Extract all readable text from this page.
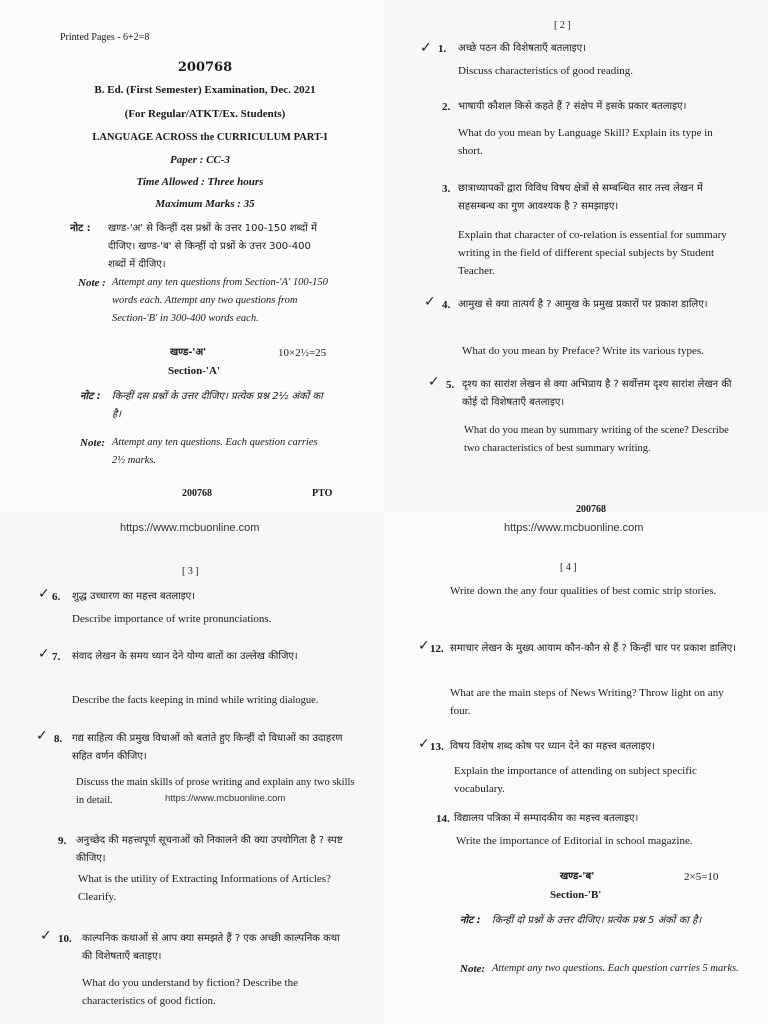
Printed Pages - 6+2=8
200768
B. Ed. (First Semester) Examination, Dec. 2021
(For Regular/ATKT/Ex. Students)
LANGUAGE ACROSS the CURRICULUM PART-I
Paper : CC-3
Time Allowed : Three hours
Maximum Marks : 35
नोट : खण्ड-'अ' से किन्हीं दस प्रश्नों के उत्तर 100-150 शब्दों में दीजिए। खण्ड-'ब' से किन्हीं दो प्रश्नों के उत्तर 300-400 शब्दों में दीजिए।
Note : Attempt any ten questions from Section-'A' 100-150 words each. Attempt any two questions from Section-'B' in 300-400 words each.
खण्ड-'अ'	10×2½=25
Section-'A'
नोट : किन्हीं दस प्रश्नों के उत्तर दीजिए। प्रत्येक प्रश्न 2½ अंकों का है।
Note: Attempt any ten questions. Each question carries 2½ marks.
200768	PTO
https://www.mcbuonline.com
[ 2 ]
✓ 1. अच्छे पठन की विशेषताएँ बतलाइए।
Discuss characteristics of good reading.
2. भाषायी कौशल किसे कहते हैं ? संक्षेप में इसके प्रकार बतलाइए।
What do you mean by Language Skill? Explain its type in short.
3. छात्राध्यापकों द्वारा विविध विषय क्षेत्रों से सम्बन्धित सार तत्त्व लेखन में सहसम्बन्ध का गुण आवश्यक है ? समझाइए।
Explain that character of co-relation is essential for summary writing in the field of different special subjects by Student Teacher.
✓ 4. आमुख से क्या तात्पर्य है ? आमुख के प्रमुख प्रकारों पर प्रकाश डालिए।
What do you mean by Preface? Write its various types.
✓ 5. दृश्य का सारांश लेखन से क्या अभिप्राय है ? सर्वोत्तम दृश्य सारांश लेखन की कोई दो विशेषताएँ बतलाइए।
What do you mean by summary writing of the scene? Describe two characteristics of best summary writing.
200768
https://www.mcbuonline.com
[ 3 ]
✓ 6. शुद्ध उच्चारण का महत्त्व बतलाइए।
Describe importance of write pronunciations.
✓ 7. संवाद लेखन के समय ध्यान देने योग्य बातों का उल्लेख कीजिए।
Describe the facts keeping in mind while writing dialogue.
✓ 8. गद्य साहित्य की प्रमुख विधाओं को बताते हुए किन्हीं दो विधाओं का उदाहरण सहित वर्णन कीजिए।
Discuss the main skills of prose writing and explain any two skills in detail.	https://www.mcbuonline.com
9. अनुच्छेद की महत्त्वपूर्ण सूचनाओं को निकालने की क्या उपयोगिता है ? स्पष्ट कीजिए।
What is the utility of Extracting Informations of Articles? Clearify.
✓ 10. काल्पनिक कथाओं से आप क्या समझते हैं ? एक अच्छी काल्पनिक कथा की विशेषताएँ बताइए।
What do you understand by fiction? Describe the characteristics of good fiction.
[ 4 ]
Write down the any four qualities of best comic strip stories.
✓ 12. समाचार लेखन के मुख्य आयाम कौन-कौन से हैं ? किन्हीं चार पर प्रकाश डालिए।
What are the main steps of News Writing? Throw light on any four.
✓ 13. विषय विशेष शब्द कोष पर ध्यान देने का महत्त्व बतलाइए।
Explain the importance of attending on subject specific vocabulary.
14. विद्यालय पत्रिका में सम्पादकीय का महत्त्व बतलाइए।
Write the importance of Editorial in school magazine.
खण्ड-'ब'	2×5=10
Section-'B'
नोट : किन्हीं दो प्रश्नों के उत्तर दीजिए। प्रत्येक प्रश्न 5 अंकों का है।
Note: Attempt any two questions. Each question carries 5 marks.
